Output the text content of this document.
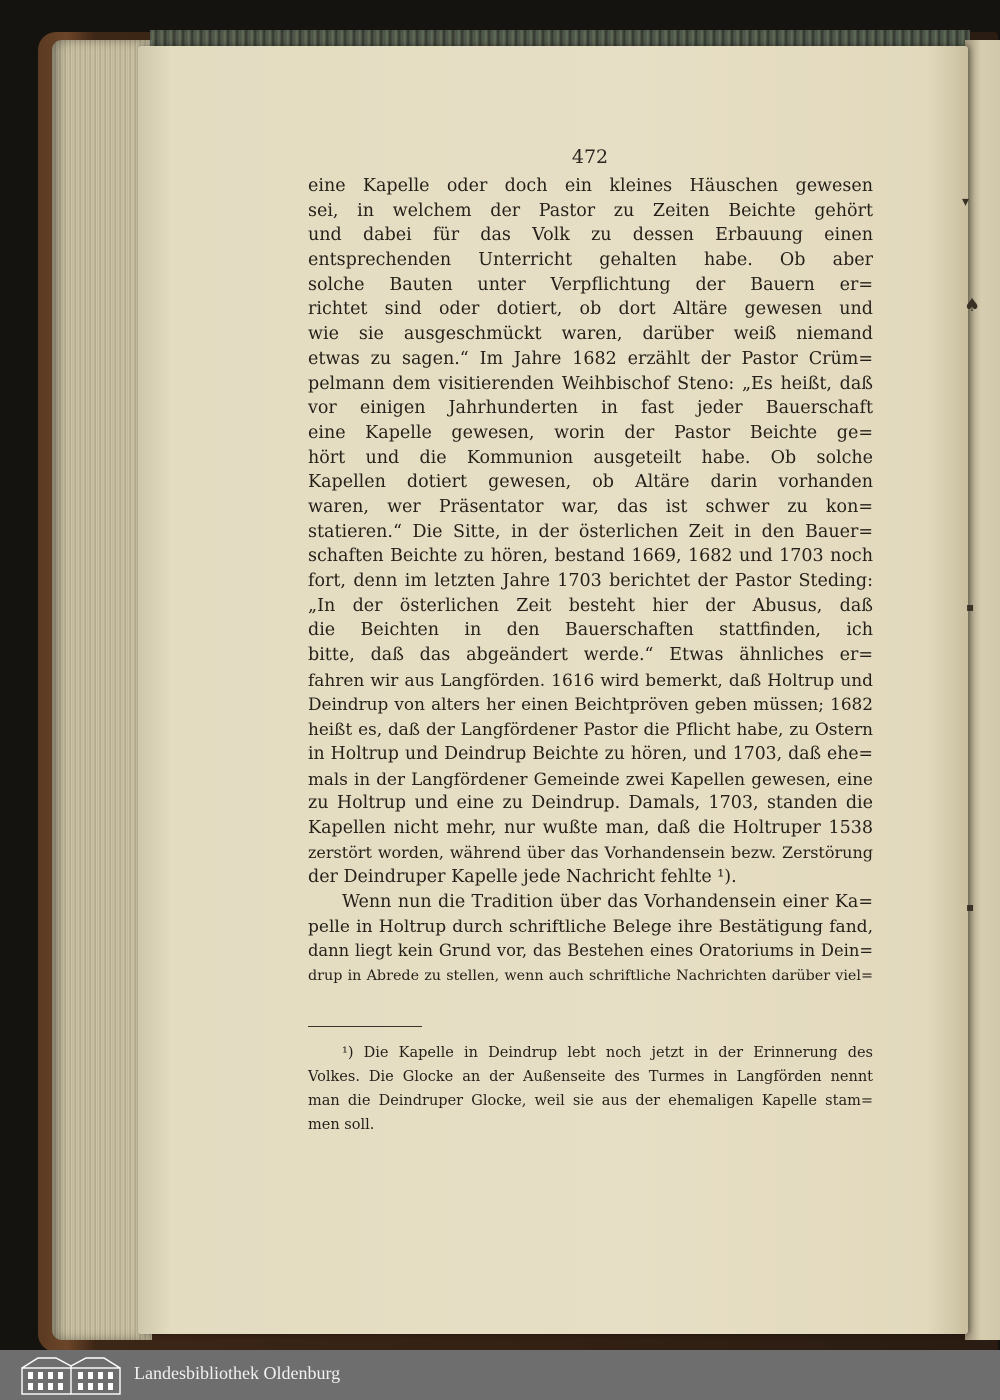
▾
♠
▪
▪
472
eine Kapelle oder doch ein kleines Häuschen gewesen
sei, in welchem der Pastor zu Zeiten Beichte gehört
und dabei für das Volk zu dessen Erbauung einen
entsprechenden Unterricht gehalten habe. Ob aber
solche Bauten unter Verpflichtung der Bauern er=
richtet sind oder dotiert, ob dort Altäre gewesen und
wie sie ausgeschmückt waren, darüber weiß niemand
etwas zu sagen.“ Im Jahre 1682 erzählt der Pastor Crüm=
pelmann dem visitierenden Weihbischof Steno: „Es heißt, daß
vor einigen Jahrhunderten in fast jeder Bauerschaft
eine Kapelle gewesen, worin der Pastor Beichte ge=
hört und die Kommunion ausgeteilt habe. Ob solche
Kapellen dotiert gewesen, ob Altäre darin vorhanden
waren, wer Präsentator war, das ist schwer zu kon=
statieren.“ Die Sitte, in der österlichen Zeit in den Bauer=
schaften Beichte zu hören, bestand 1669, 1682 und 1703 noch
fort, denn im letzten Jahre 1703 berichtet der Pastor Steding:
„In der österlichen Zeit besteht hier der Abusus, daß
die Beichten in den Bauerschaften stattfinden, ich
bitte, daß das abgeändert werde.“ Etwas ähnliches er=
fahren wir aus Langförden. 1616 wird bemerkt, daß Holtrup und
Deindrup von alters her einen Beichtpröven geben müssen; 1682
heißt es, daß der Langfördener Pastor die Pflicht habe, zu Ostern
in Holtrup und Deindrup Beichte zu hören, und 1703, daß ehe=
mals in der Langfördener Gemeinde zwei Kapellen gewesen, eine
zu Holtrup und eine zu Deindrup. Damals, 1703, standen die
Kapellen nicht mehr, nur wußte man, daß die Holtruper 1538
zerstört worden, während über das Vorhandensein bezw. Zerstörung
der Deindruper Kapelle jede Nachricht fehlte ¹).
Wenn nun die Tradition über das Vorhandensein einer Ka=
pelle in Holtrup durch schriftliche Belege ihre Bestätigung fand,
dann liegt kein Grund vor, das Bestehen eines Oratoriums in Dein=
drup in Abrede zu stellen, wenn auch schriftliche Nachrichten darüber viel=
¹) Die Kapelle in Deindrup lebt noch jetzt in der Erinnerung des
Volkes. Die Glocke an der Außenseite des Turmes in Langförden nennt
man die Deindruper Glocke, weil sie aus der ehemaligen Kapelle stam=
men soll.
Landesbibliothek Oldenburg
